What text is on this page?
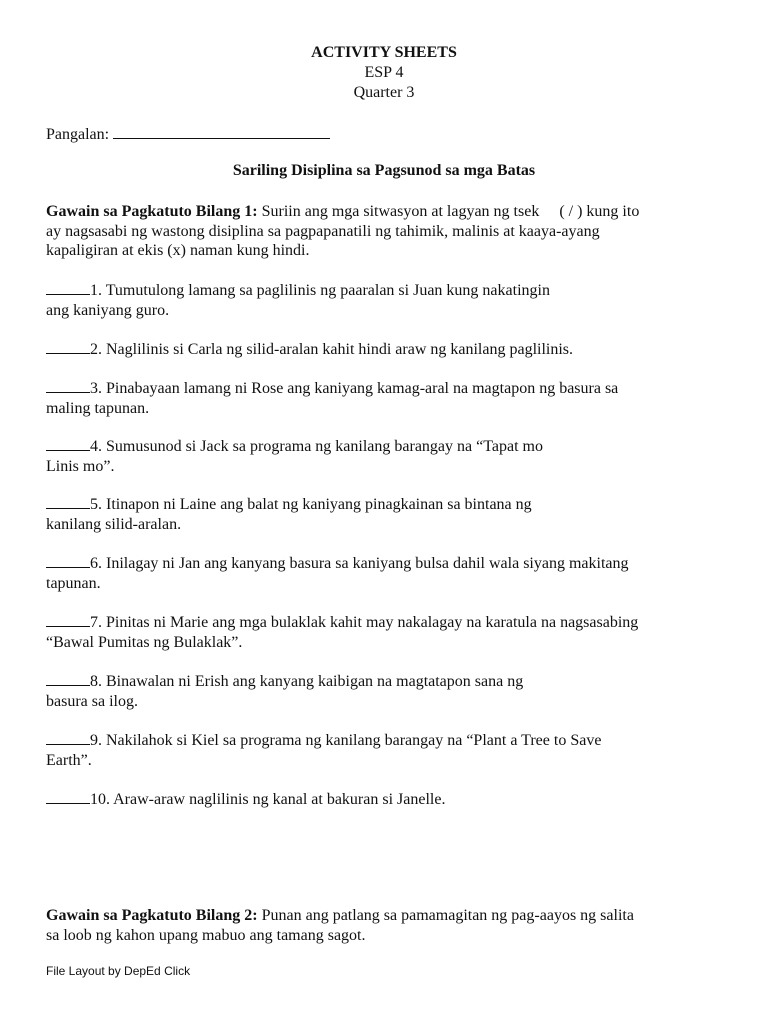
ACTIVITY SHEETS
ESP 4
Quarter 3
Pangalan:
Sariling Disiplina sa Pagsunod sa mga Batas
Gawain sa Pagkatuto Bilang 1: Suriin ang mga sitwasyon at lagyan ng tsek     ( / ) kung ito
ay nagsasabi ng wastong disiplina sa pagpapanatili ng tahimik, malinis at kaaya-ayang
kapaligiran at ekis (x) naman kung hindi.
1. Tumutulong lamang sa paglilinis ng paaralan si Juan kung nakatingin
ang kaniyang guro.
2. Naglilinis si Carla ng silid-aralan kahit hindi araw ng kanilang paglilinis.
3. Pinabayaan lamang ni Rose ang kaniyang kamag-aral na magtapon ng basura sa
maling tapunan.
4. Sumusunod si Jack sa programa ng kanilang barangay na “Tapat mo
Linis mo”.
5. Itinapon ni Laine ang balat ng kaniyang pinagkainan sa bintana ng
kanilang silid-aralan.
6. Inilagay ni Jan ang kanyang basura sa kaniyang bulsa dahil wala siyang makitang
tapunan.
7. Pinitas ni Marie ang mga bulaklak kahit may nakalagay na karatula na nagsasabing
“Bawal Pumitas ng Bulaklak”.
8. Binawalan ni Erish ang kanyang kaibigan na magtatapon sana ng
basura sa ilog.
9. Nakilahok si Kiel sa programa ng kanilang barangay na “Plant a Tree to Save
Earth”.
10. Araw-araw naglilinis ng kanal at bakuran si Janelle.
Gawain sa Pagkatuto Bilang 2: Punan ang patlang sa pamamagitan ng pag-aayos ng salita
sa loob ng kahon upang mabuo ang tamang sagot.
File Layout by DepEd Click
